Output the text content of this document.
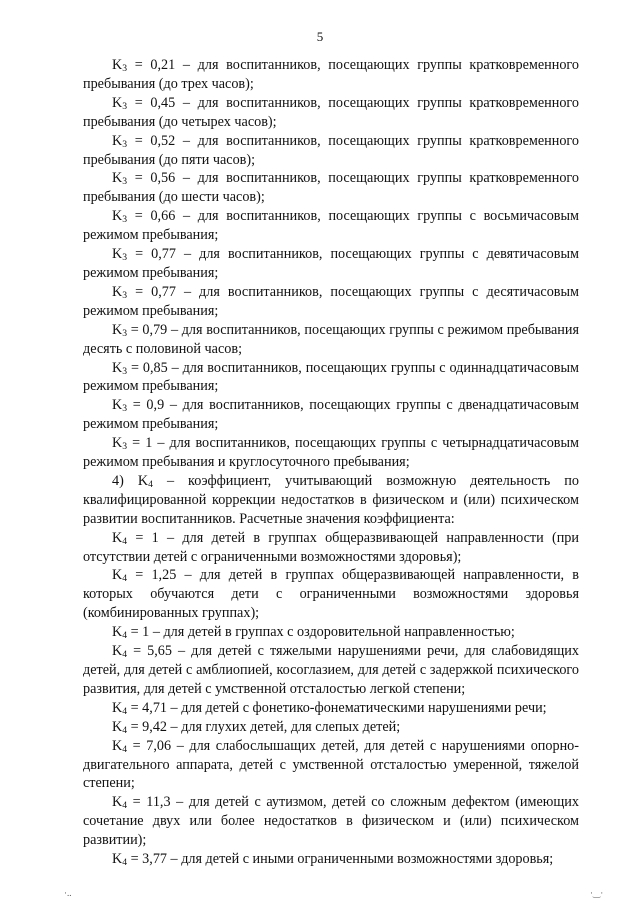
5

$K_3 = 0,21$ – для воспитанников, посещающих группы кратковременного пребывания (до трех часов);

$K_3 = 0,45$ – для воспитанников, посещающих группы кратковременного пребывания (до четырех часов);

$K_3 = 0,52$ – для воспитанников, посещающих группы кратковременного пребывания (до пяти часов);

$K_3 = 0,56$ – для воспитанников, посещающих группы кратковременного пребывания (до шести часов);

$K_3 = 0,66$ – для воспитанников, посещающих группы с восьмичасовым режимом пребывания;

$K_3 = 0,77$ – для воспитанников, посещающих группы с девятичасовым режимом пребывания;

$K_3 = 0,77$ – для воспитанников, посещающих группы с десятичасовым режимом пребывания;

$K_3 = 0,79$ – для воспитанников, посещающих группы с режимом пребывания десять с половиной часов;

$K_3 = 0,85$ – для воспитанников, посещающих группы с одиннадцатичасовым режимом пребывания;

$K_3 = 0,9$ – для воспитанников, посещающих группы с двенадцатичасовым режимом пребывания;

$K_3 = 1$ – для воспитанников, посещающих группы с четырнадцатичасовым режимом пребывания и круглосуточного пребывания;

4) $K_4$ – коэффициент, учитывающий возможную деятельность по квалифицированной коррекции недостатков в физическом и (или) психическом развитии воспитанников. Расчетные значения коэффициента:

$K_4 = 1$ – для детей в группах общеразвивающей направленности (при отсутствии детей с ограниченными возможностями здоровья);

$K_4 = 1,25$ – для детей в группах общеразвивающей направленности, в которых обучаются дети с ограниченными возможностями здоровья (комбинированных группах);

$K_4 = 1$ – для детей в группах с оздоровительной направленностью;

$K_4 = 5,65$ – для детей с тяжелыми нарушениями речи, для слабовидящих детей, для детей с амблиопией, косоглазием, для детей с задержкой психического развития, для детей с умственной отсталостью легкой степени;

$K_4 = 4,71$ – для детей с фонетико-фонематическими нарушениями речи;

$K_4 = 9,42$ – для глухих детей, для слепых детей;

$K_4 = 7,06$ – для слабослышащих детей, для детей с нарушениями опорно-двигательного аппарата, детей с умственной отсталостью умеренной, тяжелой степени;

$K_4 = 11,3$ – для детей с аутизмом, детей со сложным дефектом (имеющих сочетание двух или более недостатков в физическом и (или) психическом развитии);

$K_4 = 3,77$ – для детей с иными ограниченными возможностями здоровья;

·..	·‿·
